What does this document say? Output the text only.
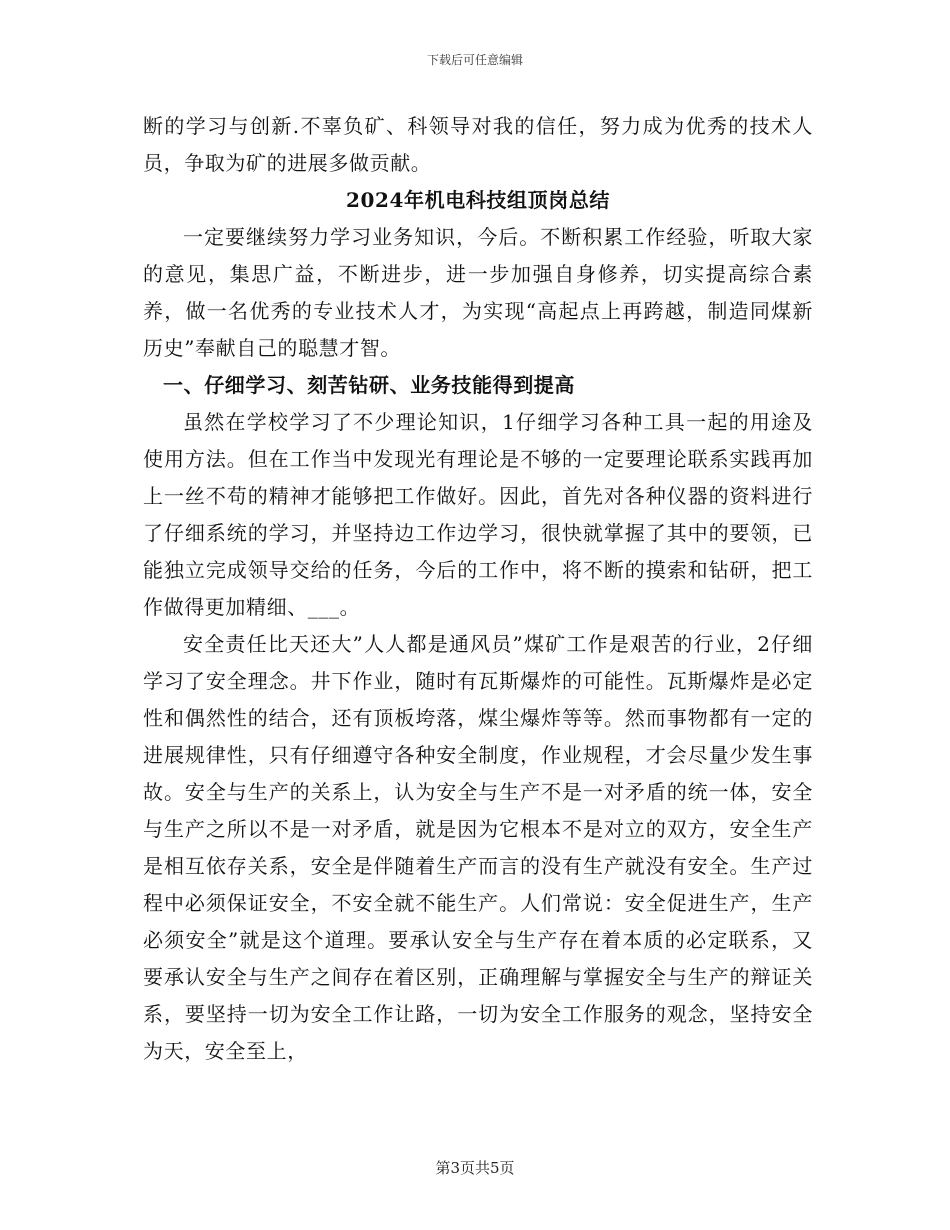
下载后可任意编辑

断的学习与创新.不辜负矿、科领导对我的信任，努力成为优秀的技术人员，争取为矿的进展多做贡献。

2024年机电科技组顶岗总结

一定要继续努力学习业务知识，今后。不断积累工作经验，听取大家的意见，集思广益，不断进步，进一步加强自身修养，切实提高综合素养，做一名优秀的专业技术人才，为实现“高起点上再跨越，制造同煤新历史”奉献自己的聪慧才智。

一、仔细学习、刻苦钻研、业务技能得到提高

虽然在学校学习了不少理论知识，1仔细学习各种工具一起的用途及使用方法。但在工作当中发现光有理论是不够的一定要理论联系实践再加上一丝不苟的精神才能够把工作做好。因此，首先对各种仪器的资料进行了仔细系统的学习，并坚持边工作边学习，很快就掌握了其中的要领，已能独立完成领导交给的任务，今后的工作中，将不断的摸索和钻研，把工作做得更加精细、___。

安全责任比天还大”人人都是通风员”煤矿工作是艰苦的行业，2仔细学习了安全理念。井下作业，随时有瓦斯爆炸的可能性。瓦斯爆炸是必定性和偶然性的结合，还有顶板垮落，煤尘爆炸等等。然而事物都有一定的进展规律性，只有仔细遵守各种安全制度，作业规程，才会尽量少发生事故。安全与生产的关系上，认为安全与生产不是一对矛盾的统一体，安全与生产之所以不是一对矛盾，就是因为它根本不是对立的双方，安全生产是相互依存关系，安全是伴随着生产而言的没有生产就没有安全。生产过程中必须保证安全，不安全就不能生产。人们常说：安全促进生产，生产必须安全”就是这个道理。要承认安全与生产存在着本质的必定联系，又要承认安全与生产之间存在着区别，正确理解与掌握安全与生产的辩证关系，要坚持一切为安全工作让路，一切为安全工作服务的观念，坚持安全为天，安全至上，

第3页共5页
